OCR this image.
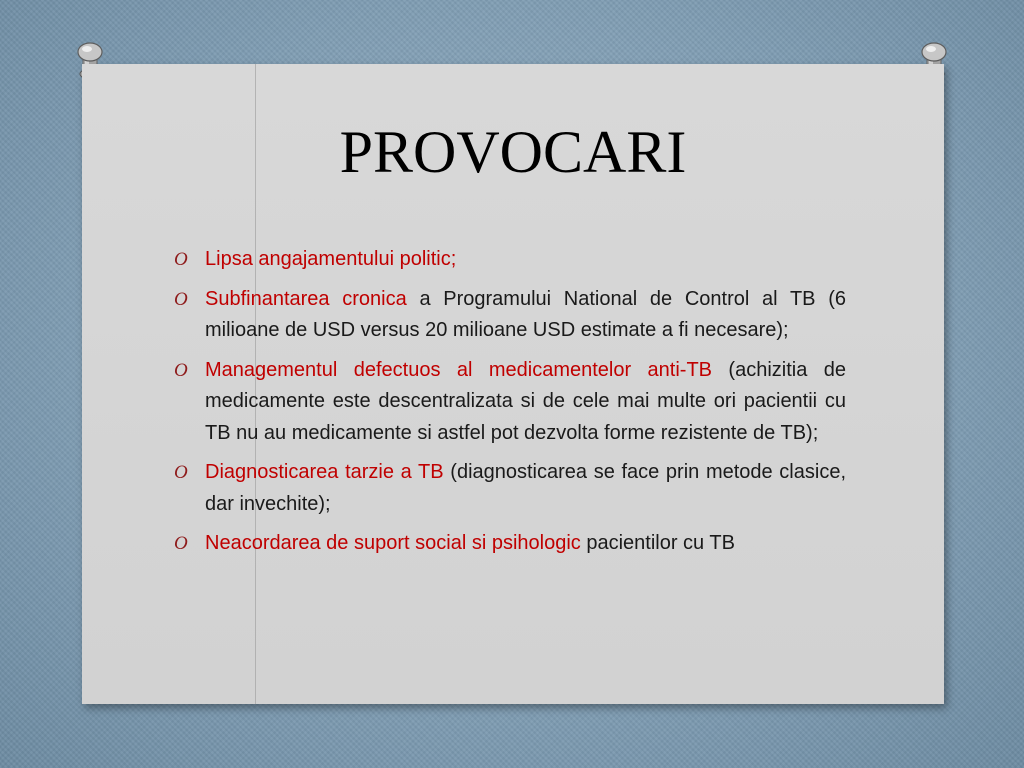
PROVOCARI
O Lipsa angajamentului politic;
O Subfinantarea cronica a Programului National de Control al TB (6 milioane de USD versus 20 milioane USD estimate a fi necesare);
O Managementul defectuos al medicamentelor anti-TB (achizitia de medicamente este descentralizata si de cele mai multe ori pacientii cu TB nu au medicamente si astfel pot dezvolta forme rezistente de TB);
O Diagnosticarea tarzie a TB (diagnosticarea se face prin metode clasice, dar invechite);
O Neacordarea de suport social si psihologic pacientilor cu TB
